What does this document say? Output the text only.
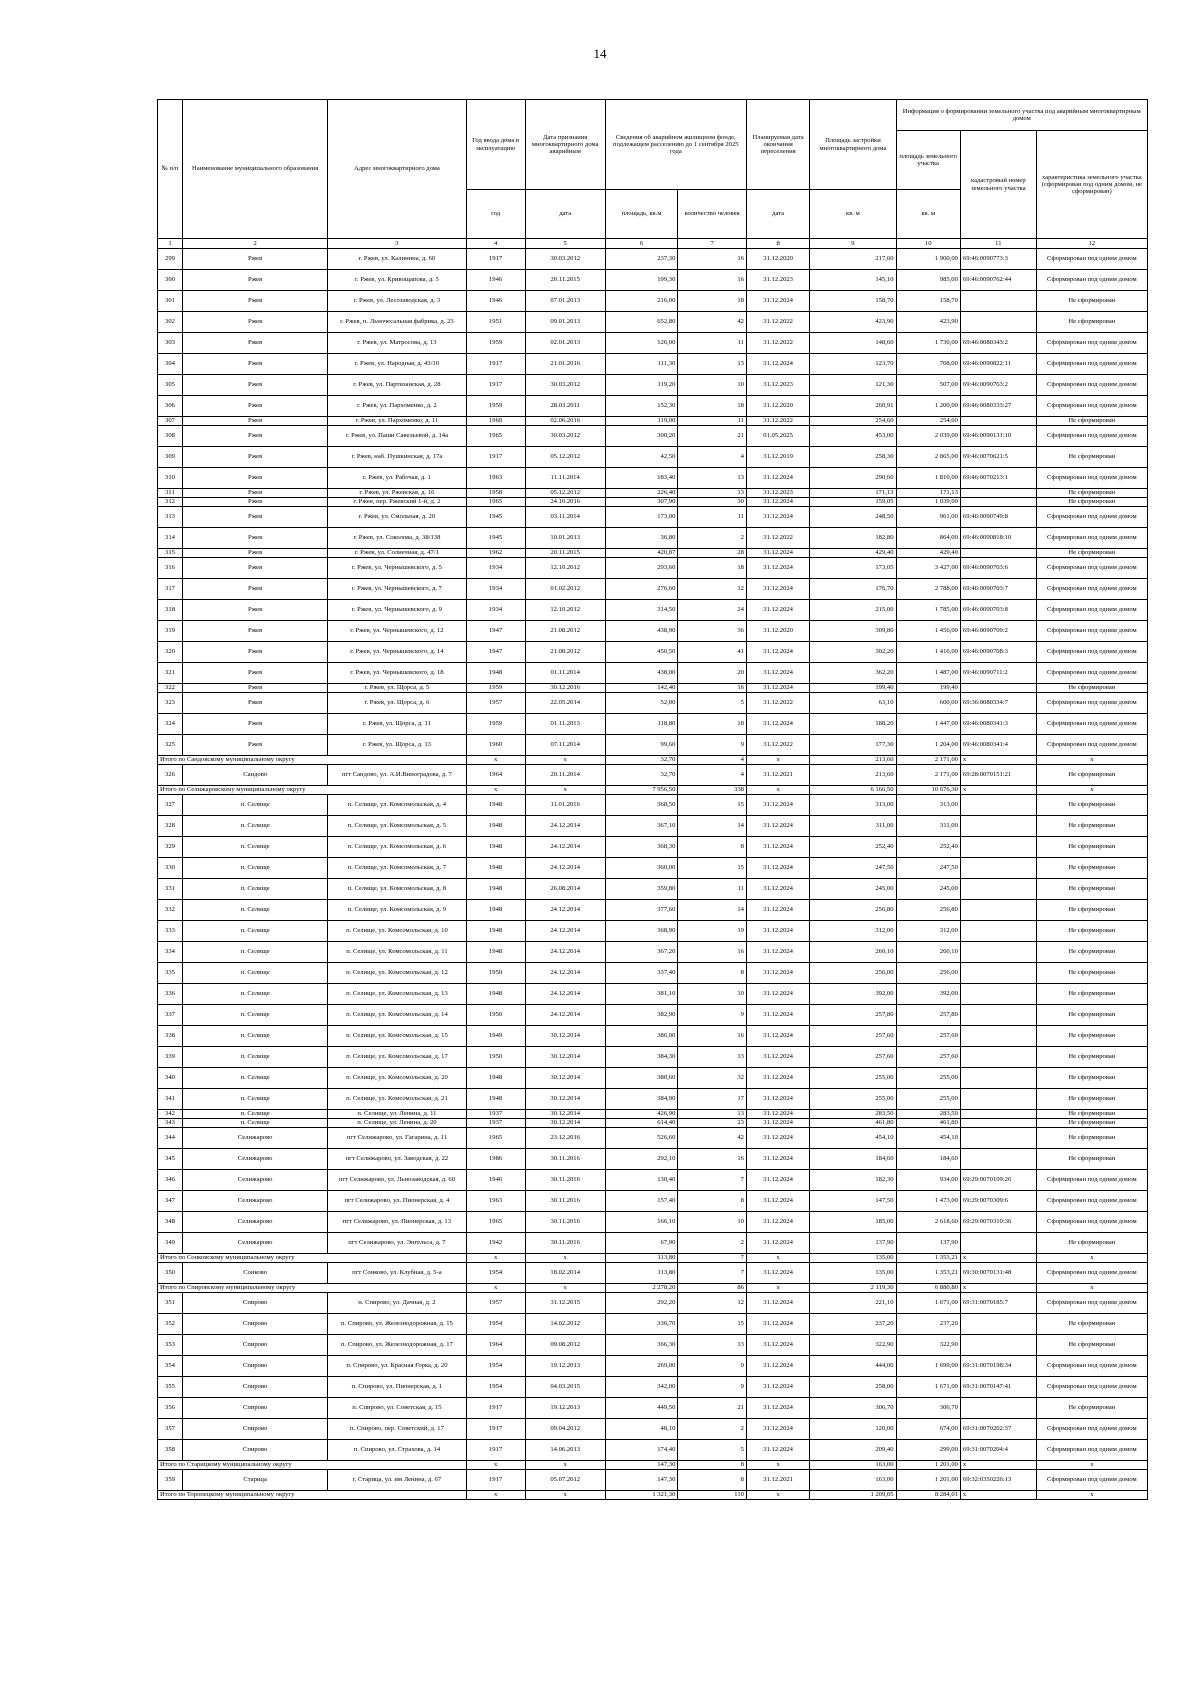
14
№ п/п	Наименование муниципального образования	Адрес многоквартирного дома	Год ввода дома в эксплуатацию	Дата признания многоквартирного дома аварийным	Сведения об аварийном жилищном фонде, подлежащем расселению до 1 сентября 2025 года		Планируемая дата окончания переселения	Площадь застройки многоквартирного дома	Информация о формировании земельного участка под аварийным многоквартирным домом		
									площадь земельного участка	кадастровый номер земельного участка	характеристика земельного участка (сформирован под одним домом, не сформирован)
			год	дата	площадь, кв.м	количество человек	дата	кв. м	кв. м		
1	2	3	4	5	6	7	8	9	10	11	12
299	Ржев	г. Ржев, ул. Калинина, д. 60	1917	30.03.2012	237,30	16	31.12.2020	217,60	1 900,00	69:46:0090773:3	Сформирован под одним домом
300	Ржев	г. Ржев, ул. Кривощапова, д. 5	1946	20.11.2015	199,30	16	31.12.2023	145,10	985,00	69:46:0090762:44	Сформирован под одним домом
301	Ржев	г. Ржев, ул. Лесозаводская, д. 3	1946	07.01.2013	216,00	18	31.12.2024	158,70	158,70		Не сформирован
302	Ржев	г. Ржев, п. Льночесальная фабрика, д. 23	1951	09.01.2013	652,80	42	31.12.2022	423,90	423,90		Не сформирован
303	Ржев	г. Ржев, ул. Матросова, д. 13	1959	02.01.2013	126,00	11	31.12.2022	148,60	1 730,00	69:46:0080343:2	Сформирован под одним домом
304	Ржев	г. Ржев, ул. Народная, д. 43/10	1917	21.01.2016	111,30	13	31.12.2024	123,70	708,00	69:46:0090822:11	Сформирован под одним домом
305	Ржев	г. Ржев, ул. Партизанская, д. 28	1917	30.03.2012	119,20	10	31.12.2023	121,30	507,00	69:46:0090763:2	Сформирован под одним домом
306	Ржев	г. Ржев, ул. Пархоменко, д. 2	1959	28.03.2011	152,30	18	31.12.2020	260,91	1 200,00	69:46:0080333:27	Сформирован под одним домом
307	Ржев	г. Ржев, ул. Пархоменко, д. 11	1960	02.06.2016	119,00	11	31.12.2022	254,60	254,60		Не сформирован
308	Ржев	г. Ржев, ул. Паши Савельевой, д. 14а	1965	30.03.2012	300,20	21	01.05.2025	453,00	2 039,00	69:46:0090131:10	Сформирован под одним домом
309	Ржев	г. Ржев, наб. Пушкинская, д. 17а	1917	05.12.2012	42,50	4	31.12.2019	258,30	2 865,00	69:46:0070621:5	Не сформирован
310	Ржев	г. Ржев, ул. Рабочая, д. 1	1963	11.11.2014	183,40	13	31.12.2024	290,60	1 810,00	69:46:0070213:1	Сформирован под одним домом
311	Ржев	г. Ржев, ул. Ржевская, д. 16	1958	05.12.2012	226,40	13	31.12.2023	171,13	171,13		Не сформирован
312	Ржев	г. Ржев, пер. Ржевский 1-й, д. 2	1965	24.10.2016	307,90	30	31.12.2024	159,05	1 039,00		Не сформирован
313	Ржев	г. Ржев, ул. Смольная, д. 20	1945	03.11.2014	173,00	11	31.12.2024	248,50	961,00	69:46:0090749:8	Сформирован под одним домом
314	Ржев	г. Ржев, ул. Соколова, д. 38/138	1945	10.01.2013	36,80	2	31.12.2022	182,80	864,00	69:46:0090818:10	Сформирован под одним домом
315	Ржев	г. Ржев, ул. Солнечная, д. 47/1	1962	20.11.2015	420,87	28	31.12.2024	429,40	429,40		Не сформирован
316	Ржев	г. Ржев, ул. Чернышевского, д. 5	1934	12.10.2012	293,60	18	31.12.2024	173,05	3 427,00	69:46:0090703:6	Сформирован под одним домом
317	Ржев	г. Ржев, ул. Чернышевского, д. 7	1934	01.02.2012	276,60	12	31.12.2024	176,70	2 788,00	69:46:0090703:7	Сформирован под одним домом
318	Ржев	г. Ржев, ул. Чернышевского, д. 9	1934	12.10.2012	314,50	24	31.12.2024	215,00	1 785,00	69:46:0090703:8	Сформирован под одним домом
319	Ржев	г. Ржев, ул. Чернышевского, д. 12	1947	21.08.2012	438,90	36	31.12.2020	309,80	1 456,00	69:46:0090709:2	Сформирован под одним домом
320	Ржев	г. Ржев, ул. Чернышевского, д. 14	1947	21.08.2012	450,50	41	31.12.2024	302,20	1 416,00	69:46:0090708:3	Сформирован под одним домом
321	Ржев	г. Ржев, ул. Чернышевского, д. 18	1948	01.11.2014	438,00	20	31.12.2024	362,20	1 487,00	69:46:0090711:2	Сформирован под одним домом
322	Ржев	г. Ржев, ул. Щорса, д. 5	1959	30.12.2016	142,40	16	31.12.2024	199,40	199,40		Не сформирован
323	Ржев	г. Ржев, ул. Щорса, д. 6	1957	22.05.2014	52,00	5	31.12.2022	63,10	600,00	69:36:0080334:7	Сформирован под одним домом
324	Ржев	г. Ржев, ул. Щорса, д. 11	1959	01.11.2013	118,80	18	31.12.2024	188,20	1 447,00	69:46:0080341:3	Сформирован под одним домом
325	Ржев	г. Ржев, ул. Щорса, д. 13	1960	07.11.2014	99,60	9	31.12.2022	177,30	1 204,00	69:46:0080341:4	Сформирован под одним домом
Итого по Сандовскому муниципальному округу			х	х	32,70	4	х	213,60	2 171,00	х	х
326	Сандово	пгт Сандово, ул. А.И.Виноградова, д. 7	1964	20.11.2014	32,70	4	31.12.2021	213,60	2 171,00	69:28:0070151:21	Не сформирован
Итого по Селижаровскому муниципальному округу			х	х	7 956,50	338	х	6 166,50	10 676,30	х	х
327	п. Селище	п. Селище, ул. Комсомольская, д. 4	1948	11.01.2016	368,50	15	31.12.2024	313,00	313,00		Не сформирован
328	п. Селище	п. Селище, ул. Комсомольская, д. 5	1948	24.12.2014	367,10	14	31.12.2024	311,00	311,00		Не сформирован
329	п. Селище	п. Селище, ул. Комсомольская, д. 6	1948	24.12.2014	368,30	8	31.12.2024	252,40	252,40		Не сформирован
330	п. Селище	п. Селище, ул. Комсомольская, д. 7	1948	24.12.2014	360,00	15	31.12.2024	247,50	247,50		Не сформирован
331	п. Селище	п. Селище, ул. Комсомольская, д. 8	1948	26.08.2014	359,80	11	31.12.2024	245,00	245,00		Не сформирован
332	п. Селище	п. Селище, ул. Комсомольская, д. 9	1948	24.12.2014	377,60	14	31.12.2024	256,80	256,80		Не сформирован
333	п. Селище	п. Селище, ул. Комсомольская, д. 10	1948	24.12.2014	368,90	19	31.12.2024	312,00	312,00		Не сформирован
334	п. Селище	п. Селище, ул. Комсомольская, д. 11	1948	24.12.2014	367,20	16	31.12.2024	260,10	260,10		Не сформирован
335	п. Селище	п. Селище, ул. Комсомольская, д. 12	1950	24.12.2014	337,40	8	31.12.2024	256,00	256,00		Не сформирован
336	п. Селище	п. Селище, ул. Комсомольская, д. 13	1948	24.12.2014	381,10	10	31.12.2024	392,00	392,00		Не сформирован
337	п. Селище	п. Селище, ул. Комсомольская, д. 14	1950	24.12.2014	382,90	9	31.12.2024	257,80	257,80		Не сформирован
338	п. Селище	п. Селище, ул. Комсомольская, д. 15	1949	30.12.2014	386,00	16	31.12.2024	257,60	257,60		Не сформирован
339	п. Селище	п. Селище, ул. Комсомольская, д. 17	1950	30.12.2014	384,30	13	31.12.2024	257,60	257,60		Не сформирован
340	п. Селище	п. Селище, ул. Комсомольская, д. 20	1948	30.12.2014	380,60	32	31.12.2024	255,00	255,00		Не сформирован
341	п. Селище	п. Селище, ул. Комсомольская, д. 21	1948	30.12.2014	384,90	17	31.12.2024	255,00	255,00		Не сформирован
342	п. Селище	п. Селище, ул. Ленина, д. 11	1937	30.12.2014	426,90	13	31.12.2024	283,50	283,50		Не сформирован
343	п. Селище	п. Селище, ул. Ленина, д. 20	1937	30.12.2014	614,40	23	31.12.2024	461,80	461,80		Не сформирован
344	Селижарово	пгт Селижарово, ул. Гагарина, д. 11	1965	23.12.2016	526,60	42	31.12.2024	454,10	454,10		Не сформирован
345	Селижарово	пгт Селижарово, ул. Заводская, д. 22	1986	30.11.2016	292,10	16	31.12.2024	184,60	184,60		Не сформирован
346	Селижарово	пгт Селижарово, ул. Льнозаводская, д. 60	1946	30.11.2016	130,40	7	31.12.2024	182,30	934,00	69:29:0070109:26	Сформирован под одним домом
347	Селижарово	пгт Селижарово, ул. Пионерская, д. 4	1963	30.11.2016	157,40	8	31.12.2024	147,50	1 473,00	69:29:0070309:6	Сформирован под одним домом
348	Селижарово	пгт Селижарово, ул. Пионерская, д. 13	1965	30.11.2016	166,10	10	31.12.2024	185,00	2 618,60	69:29:0070310:36	Сформирован под одним домом
349	Селижарово	пгт Селижарово, ул. Энгельса, д. 7	1942	30.11.2016	67,90	2	31.12.2024	137,90	137,90		Не сформирован
Итого по Сонковскому муниципальному округу			х	х	113,80	7	х	135,00	1 353,21	х	х
350	Сонково	пгт Сонково, ул. Клубная, д. 5-а	1954	18.02.2014	113,80	7	31.12.2024	135,00	1 353,21	69:30:0070131:48	Сформирован под одним домом
Итого по Спировскому муниципальному округу			х	х	2 278,20	86	х	2 119,30	6 880,80	х	х
351	Спирово	п. Спирово, ул. Дачная, д. 2	1957	31.12.2015	292,20	12	31.12.2024	221,10	1 671,00	69:31:0070185:7	Сформирован под одним домом
352	Спирово	п. Спирово, ул. Железнодорожная, д. 15	1954	14.02.2012	336,70	15	31.12.2024	237,20	237,20		Не сформирован
353	Спирово	п. Спирово, ул. Железнодорожная, д. 17	1964	09.08.2012	366,30	13	31.12.2024	322,90	322,90		Не сформирован
354	Спирово	п. Спирово, ул. Красная Горка, д. 20	1954	19.12.2013	269,00	9	31.12.2024	444,00	1 699,00	69:31:0070198:34	Сформирован под одним домом
355	Спирово	п. Спирово, ул. Пионерская, д. 1	1954	04.03.2015	342,00	9	31.12.2024	258,00	1 671,00	69:31:0070147:41	Сформирован под одним домом
356	Спирово	п. Спирово, ул. Советская, д. 15	1917	19.12.2013	449,50	21	31.12.2024	306,70	306,70		Не сформирован
357	Спирово	п. Спирово, пер. Советский, д. 17	1917	09.04.2012	48,10	2	31.12.2024	120,00	674,00	69:31:0070202:37	Сформирован под одним домом
358	Спирово	п. Спирово, ул. Страхова, д. 14	1917	14.06.2013	174,40	5	31.12.2024	209,40	299,00	69:31:0070204:4	Сформирован под одним домом
Итого по Старицкому муниципальному округу			х	х	147,30	8	х	163,00	1 201,00	х	х
359	Старица	г. Старица, ул. им Ленина, д. 67	1917	05.07.2012	147,30	8	31.12.2021	163,00	1 201,00	69:32:0350226:13	Сформирован под одним домом
Итого по Торопецкому муниципальному округу			х	х	1 321,30	110	х	1 209,05	8 284,01	х	х
